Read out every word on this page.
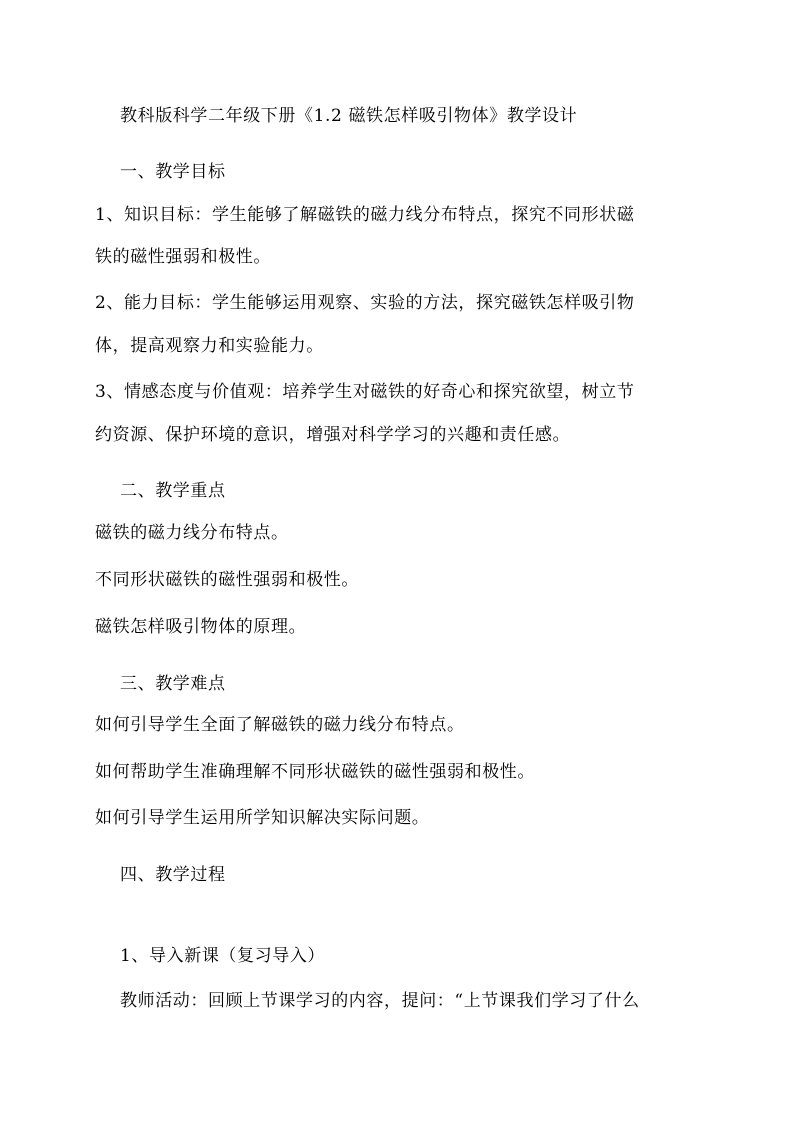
教科版科学二年级下册《1.2 磁铁怎样吸引物体》教学设计
一、教学目标
1、知识目标：学生能够了解磁铁的磁力线分布特点，探究不同形状磁
铁的磁性强弱和极性。
2、能力目标：学生能够运用观察、实验的方法，探究磁铁怎样吸引物
体，提高观察力和实验能力。
3、情感态度与价值观：培养学生对磁铁的好奇心和探究欲望，树立节
约资源、保护环境的意识，增强对科学学习的兴趣和责任感。
二、教学重点
磁铁的磁力线分布特点。
不同形状磁铁的磁性强弱和极性。
磁铁怎样吸引物体的原理。
三、教学难点
如何引导学生全面了解磁铁的磁力线分布特点。
如何帮助学生准确理解不同形状磁铁的磁性强弱和极性。
如何引导学生运用所学知识解决实际问题。
四、教学过程
1、导入新课（复习导入）
教师活动：回顾上节课学习的内容，提问：“上节课我们学习了什么
